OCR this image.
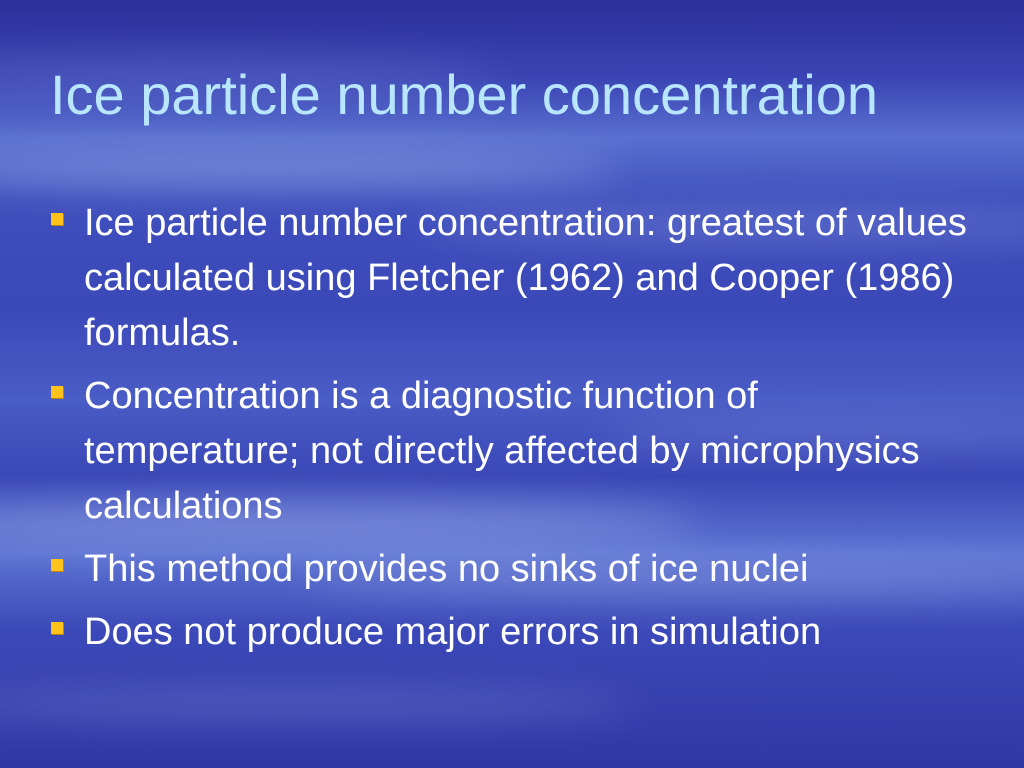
Ice particle number concentration
Ice particle number concentration: greatest of values calculated using Fletcher (1962) and Cooper (1986) formulas.
Concentration is a diagnostic function of temperature; not directly affected by microphysics calculations
This method provides no sinks of ice nuclei
Does not produce major errors in simulation
